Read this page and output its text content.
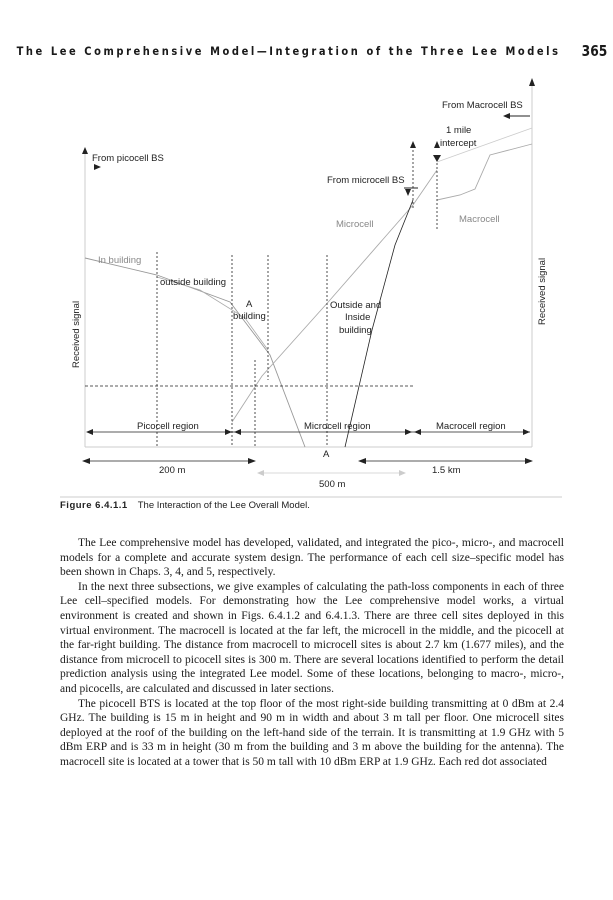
The Lee Comprehensive Model—Integration of the Three Lee Models 365
From Macrocell BS
1 mile
intercept
From picocell BS
From microcell BS
Microcell	Macrocell
In building
outside building
A
building
Outside and
Inside
building
Received signal
Received signal
Picocell region	Microcell region	Macrocell region
A
200 m	1.5 km
500 m
Figure 6.4.1.1 The Interaction of the Lee Overall Model.

The Lee comprehensive model has developed, validated, and integrated the pico-, micro-, and macrocell models for a complete and accurate system design. The performance of each cell size–specific model has been shown in Chaps. 3, 4, and 5, respectively.

In the next three subsections, we give examples of calculating the path-loss components in each of three Lee cell–specified models. For demonstrating how the Lee comprehensive model works, a virtual environment is created and shown in Figs. 6.4.1.2 and 6.4.1.3. There are three cell sites deployed in this virtual environment. The macrocell is located at the far left, the microcell in the middle, and the picocell at the far-right building. The distance from macrocell to microcell sites is about 2.7 km (1.677 miles), and the distance from microcell to picocell sites is 300 m. There are several locations identified to perform the detail prediction analysis using the integrated Lee model. Some of these locations, belonging to macro-, micro-, and picocells, are calculated and discussed in later sections.

The picocell BTS is located at the top floor of the most right-side building transmitting at 0 dBm at 2.4 GHz. The building is 15 m in height and 90 m in width and about 3 m tall per floor. One microcell sites deployed at the roof of the building on the left-hand side of the terrain. It is transmitting at 1.9 GHz with 5 dBm ERP and is 33 m in height (30 m from the building and 3 m above the building for the antenna). The macrocell site is located at a tower that is 50 m tall with 10 dBm ERP at 1.9 GHz. Each red dot associated
